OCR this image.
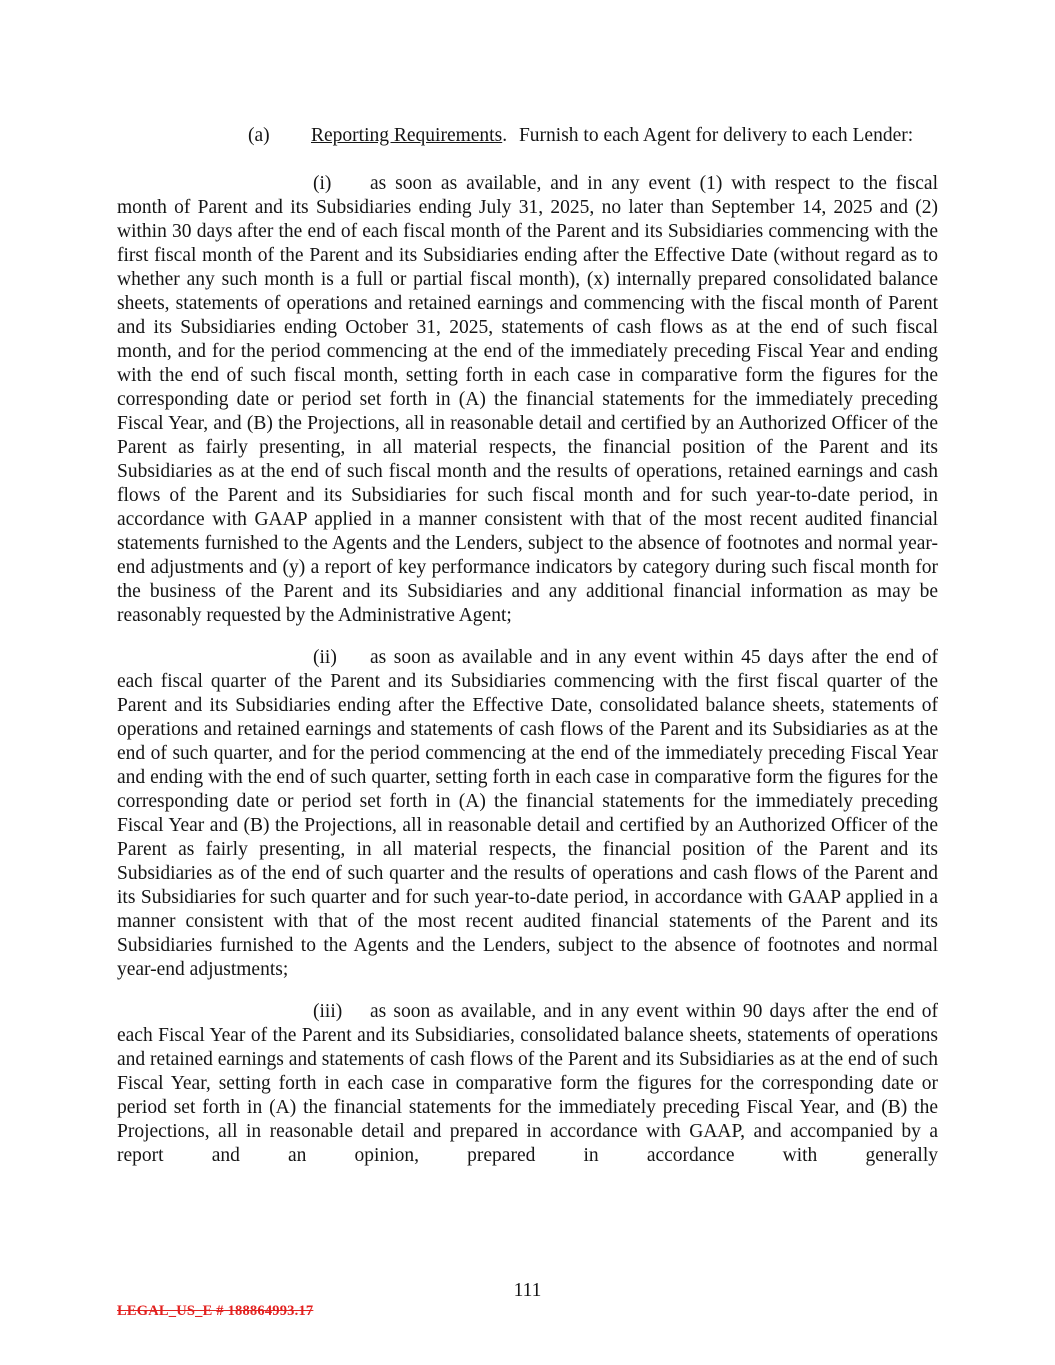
(a) Reporting Requirements. Furnish to each Agent for delivery to each Lender:

(i) as soon as available, and in any event (1) with respect to the fiscal month of Parent and its Subsidiaries ending July 31, 2025, no later than September 14, 2025 and (2) within 30 days after the end of each fiscal month of the Parent and its Subsidiaries commencing with the first fiscal month of the Parent and its Subsidiaries ending after the Effective Date (without regard as to whether any such month is a full or partial fiscal month), (x) internally prepared consolidated balance sheets, statements of operations and retained earnings and commencing with the fiscal month of Parent and its Subsidiaries ending October 31, 2025, statements of cash flows as at the end of such fiscal month, and for the period commencing at the end of the immediately preceding Fiscal Year and ending with the end of such fiscal month, setting forth in each case in comparative form the figures for the corresponding date or period set forth in (A) the financial statements for the immediately preceding Fiscal Year, and (B) the Projections, all in reasonable detail and certified by an Authorized Officer of the Parent as fairly presenting, in all material respects, the financial position of the Parent and its Subsidiaries as at the end of such fiscal month and the results of operations, retained earnings and cash flows of the Parent and its Subsidiaries for such fiscal month and for such year-to-date period, in accordance with GAAP applied in a manner consistent with that of the most recent audited financial statements furnished to the Agents and the Lenders, subject to the absence of footnotes and normal year-end adjustments and (y) a report of key performance indicators by category during such fiscal month for the business of the Parent and its Subsidiaries and any additional financial information as may be reasonably requested by the Administrative Agent;

(ii) as soon as available and in any event within 45 days after the end of each fiscal quarter of the Parent and its Subsidiaries commencing with the first fiscal quarter of the Parent and its Subsidiaries ending after the Effective Date, consolidated balance sheets, statements of operations and retained earnings and statements of cash flows of the Parent and its Subsidiaries as at the end of such quarter, and for the period commencing at the end of the immediately preceding Fiscal Year and ending with the end of such quarter, setting forth in each case in comparative form the figures for the corresponding date or period set forth in (A) the financial statements for the immediately preceding Fiscal Year and (B) the Projections, all in reasonable detail and certified by an Authorized Officer of the Parent as fairly presenting, in all material respects, the financial position of the Parent and its Subsidiaries as of the end of such quarter and the results of operations and cash flows of the Parent and its Subsidiaries for such quarter and for such year-to-date period, in accordance with GAAP applied in a manner consistent with that of the most recent audited financial statements of the Parent and its Subsidiaries furnished to the Agents and the Lenders, subject to the absence of footnotes and normal year-end adjustments;

(iii) as soon as available, and in any event within 90 days after the end of each Fiscal Year of the Parent and its Subsidiaries, consolidated balance sheets, statements of operations and retained earnings and statements of cash flows of the Parent and its Subsidiaries as at the end of such Fiscal Year, setting forth in each case in comparative form the figures for the corresponding date or period set forth in (A) the financial statements for the immediately preceding Fiscal Year, and (B) the Projections, all in reasonable detail and prepared in accordance with GAAP, and accompanied by a report and an opinion, prepared in accordance with generally

111
LEGAL_US_E # 188864993.17
